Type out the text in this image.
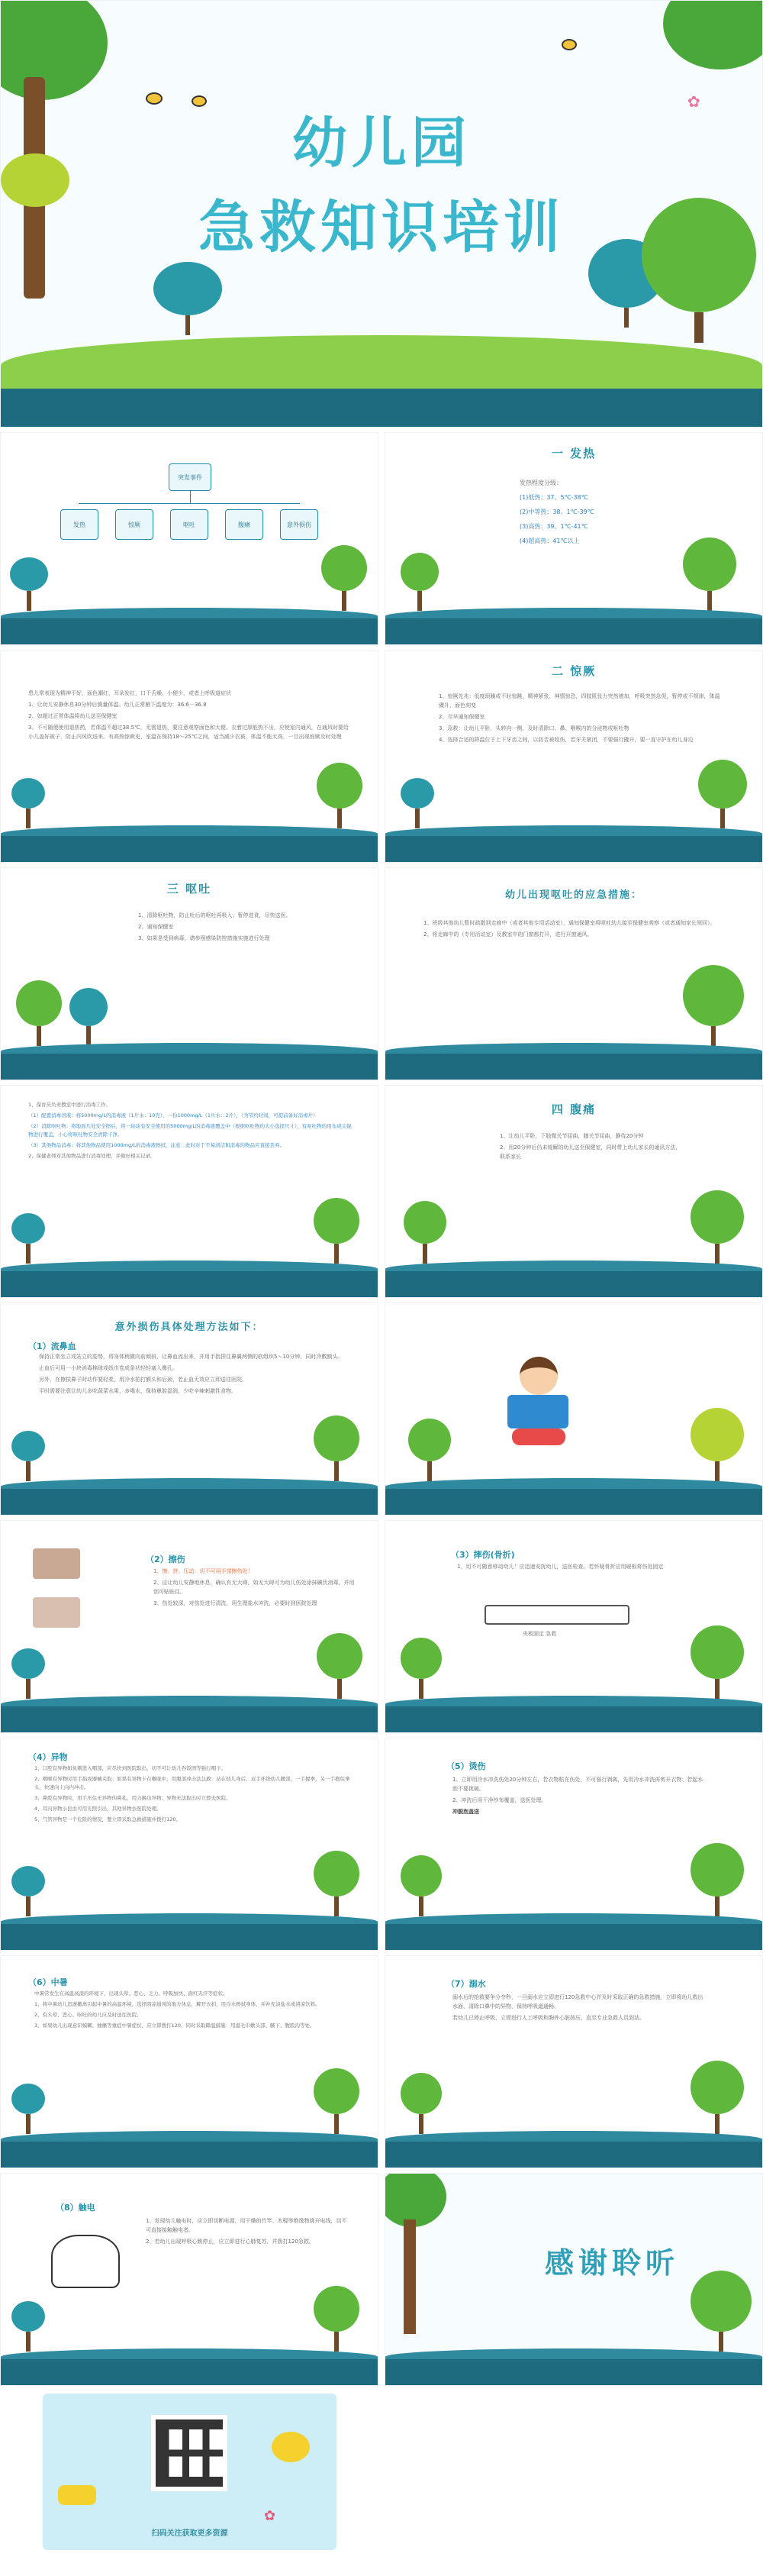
✿
幼儿园
急救知识培训
突发事件
发热	惊厥	呕吐	腹痛	意外损伤
一 发热

发热程度分级：

(1)低热：37。5℃-38℃

(2)中等热：38。1℃-39℃

(3)高热：39。1℃-41℃

(4)超高热：41℃以上

患儿常表现为精神不好，面色潮红，耳朵发红，口干舌燥，小便少，或者上呼吸道症状

1、让幼儿安静休息30分钟后测量体温。幼儿正常腋下温度为：36.6－36.8

2、如超过正常体温将幼儿送至保健室

3、不可随便使用退热药，若体温不超过38.5℃，无需退热，要注意观察面色和大便。衣着过厚能热不出，应使室内通风，在通风时要给小儿盖好被子，防止内风吹进来。有高热惊厥史，室温在保持18～25℃之间，适当减少衣被，体温不能太高，一旦出现惊厥及时处理

二 惊厥

1、惊厥先兆：低度烦躁或不时惊跳，精神紧张，神情惊恐，四肢肌张力突然增加，呼吸突然急促，暂停或不规律，体温骤升，面色刻变

2、尽早通知保健室

3、急救：让幼儿平卧，头转向一侧，及时清除口、鼻、咽喉内的分泌物或呕吐物

4、选择合适的降温位于上下牙齿之间，以防舌被咬伤，若牙关紧闭，不要强行撬开，要一直守护在幼儿身边

三 呕吐

1、清除呕吐物，防止吐后的呕吐再吸入；暂停进食，尽快送医。

2、通知保健室

3、如果是受到病毒，请参照感染防控措施实施进行处理

幼儿出现呕吐的应急措施：

1、班级其他幼儿暂时疏散到走廊中（或者其他专用活动室），通知保健室将呕吐幼儿接至保健室观察（或者通知家长领回）。

2、将走廊中的（专用活动室）及教室中的门窗都打开，进行开窗通风。

1、保育员负责教室中进行消毒工作。

（1）配置消毒溶液：将5000mg/L的消毒液（1片水：10克），一份1000mg/L（1片水：2片），（为节约时间，可提前备好消毒片）

（2）消除呕吐物：将地面几处安全擦后，将一块块有安全使用的5000mg/L的消毒液覆盖中（根据呕吐物的大小选择尺寸），有呕吐物的用布或尖锐物进行覆盖，小心将呕吐物安全清除干净。

（3）其他物品消毒：将其他物品使用1000mg/L的消毒液擦拭，注意：此时对于不易清洁和消毒的物品应直接丢弃。

2、保健老师对其他物品进行消毒处理，并做好相关记录。

四 腹痛

1、让幼儿平卧，下肢微关节屈曲，膝关节屈曲，静待20分钟

2、用20分钟后仍未缓解的幼儿送至保健室，同时带上幼儿家长的通讯方法，联系家长

意外损伤具体处理方法如下：
（1）流鼻血

保持正常坐立或站立的姿势，将身体稍微向前倾斜，让鼻血流出来，并用手指捏住鼻翼两侧的软组织5～10分钟，同时冷敷额头。

止血后可用一小块消毒棉球或纸巾卷成条状轻轻塞入鼻孔。

另外，在擦拭鼻子时动作要轻柔，用冷水拍打额头和后颈，若止血无效应立即送往医院。

平时需要注意让幼儿多吃蔬菜水果，多喝水，保持鼻腔湿润，少吃辛辣刺激性食物。

（2）擦伤

1、擦、挤、压动：切不可用手揉擦伤处！

2、应让幼儿安静地休息，确认有无大碍，如无大碍可为幼儿伤处涂抹碘伏消毒，并用创可贴贴住。

3、伤处较深，对伤处进行清洗，用生理盐水冲洗，必要时到医院处理

（3）摔伤(骨折)

1、切不可随意移动幼儿！应迅速安抚幼儿，送医检查。若怀疑骨折应用硬板将伤处固定

夹板固定 急救
（4）异物

1、口腔有异物如鱼刺进入咽部，应尽快到医院取出，切不可让幼儿吞饭团等强行咽下。

2、咽喉有异物时用手指或器械夹取；如果有异物卡在喉咙中，用腹部冲击法急救：站在幼儿身后，双手环绕幼儿腰部，一手握拳，另一手抱住拳头，快速向上向内冲击。

3、鼻腔有异物时，用手压住无异物的鼻孔，用力擤出异物；异物无法取出时立即去医院。

4、耳内异物小昆虫可用光照引出，其他异物去医院处理。

5、气管异物是一个危险的情况，要立即采取急救措施并拨打120。

（5）烫伤

1、立即用冷水冲洗伤处20分钟左右，若衣物粘在伤处，不可强行剥离，先用冷水冲洗再剪开衣物；若起水泡不要挑破。

2、冲洗后用干净纱布覆盖，送医处理。

冲脱泡盖送

（6）中暑

中暑常发生在高温高湿的环境下，出现头晕、恶心、乏力、呼吸加快、面红无汗等症状。

1、将中暑幼儿迅速撤离引起中暑的高温环境，选择阴凉通风的地方休息，解开衣扣，用冷水擦拭身体，并补充淡盐水或清凉饮料。

2、有头晕、恶心、呕吐的幼儿应及时送往医院。

3、如果幼儿出现意识模糊、抽搐等重症中暑症状，应立即拨打120，同时采取降温措施：用湿毛巾敷头部、腋下、腹股沟等处。

（7）溺水

溺水后的抢救要争分夺秒，一旦溺水应立即进行120急救中心并及时采取正确的急救措施。立即将幼儿救出水面，清除口鼻中的异物，保持呼吸道通畅。

若幼儿已停止呼吸，立即进行人工呼吸和胸外心脏按压，直至专业急救人员到达。

（8）触电

1、发现幼儿触电时，应立即切断电源，用干燥的竹竿、木棍等绝缘物挑开电线，切不可直接接触触电者。

2、若幼儿出现呼吸心跳停止，应立即进行心肺复苏，并拨打120急救。

感谢聆听
✿
扫码关注获取更多资源
